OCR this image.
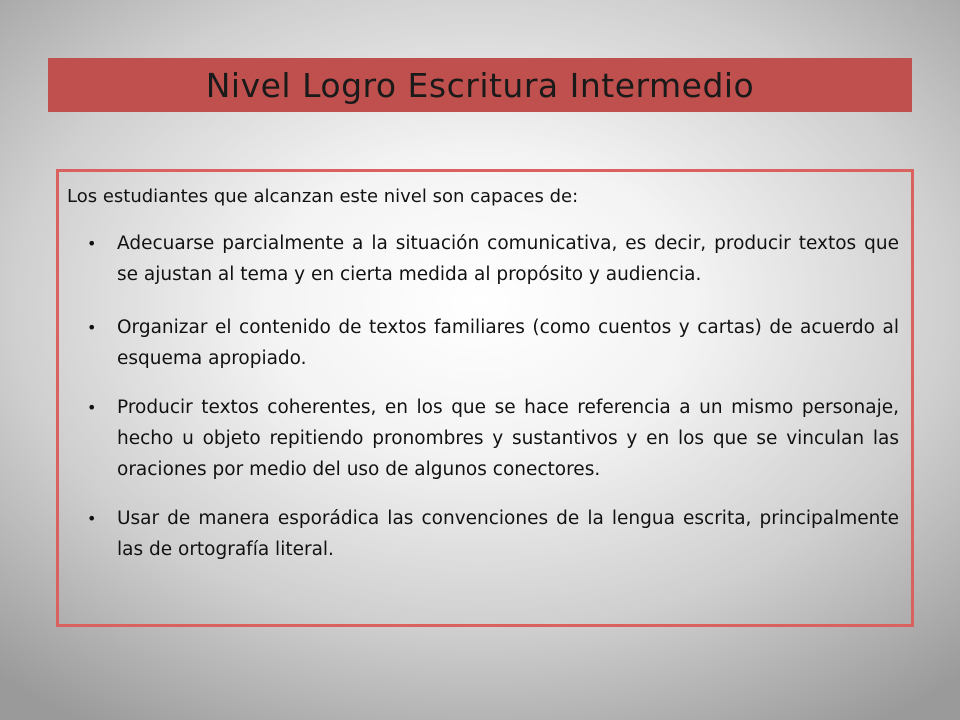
Nivel Logro Escritura Intermedio

Los estudiantes que alcanzan este nivel son capaces de:

• Adecuarse parcialmente a la situación comunicativa, es decir, producir textos que se ajustan al tema y en cierta medida al propósito y audiencia.
• Organizar el contenido de textos familiares (como cuentos y cartas) de acuerdo al esquema apropiado.
• Producir textos coherentes, en los que se hace referencia a un mismo personaje, hecho u objeto repitiendo pronombres y sustantivos y en los que se vinculan las oraciones por medio del uso de algunos conectores.
• Usar de manera esporádica las convenciones de la lengua escrita, principalmente las de ortografía literal.
